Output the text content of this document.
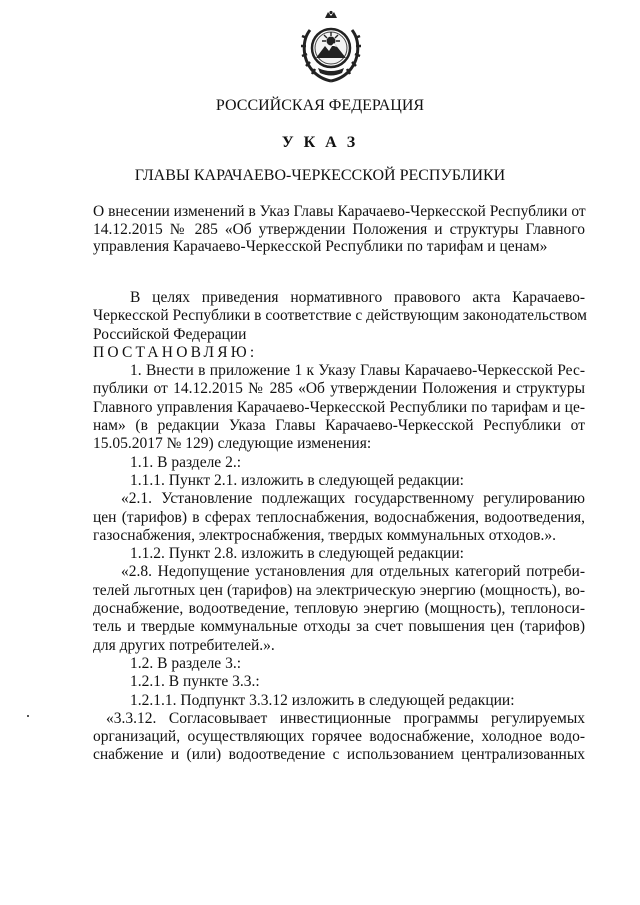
РОССИЙСКАЯ ФЕДЕРАЦИЯ
У К А З
ГЛАВЫ КАРАЧАЕВО-ЧЕРКЕССКОЙ РЕСПУБЛИКИ
О внесении изменений в Указ Главы Карачаево-Черкесской Республики от
14.12.2015 № 285 «Об утверждении Положения и структуры Главного
управления Карачаево-Черкесской Республики по тарифам и ценам»
В целях приведения нормативного правового акта Карачаево-
Черкесской Республики в соответствие с действующим законодательством
Российской Федерации
ПОСТАНОВЛЯЮ:
1. Внести в приложение 1 к Указу Главы Карачаево-Черкесской Рес-
публики от 14.12.2015 № 285 «Об утверждении Положения и структуры
Главного управления Карачаево-Черкесской Республики по тарифам и це-
нам» (в редакции Указа Главы Карачаево-Черкесской Республики от
15.05.2017 № 129) следующие изменения:
1.1. В разделе 2.:
1.1.1. Пункт 2.1. изложить в следующей редакции:
«2.1. Установление подлежащих государственному регулированию
цен (тарифов) в сферах теплоснабжения, водоснабжения, водоотведения,
газоснабжения, электроснабжения, твердых коммунальных отходов.».
1.1.2. Пункт 2.8. изложить в следующей редакции:
«2.8. Недопущение установления для отдельных категорий потреби-
телей льготных цен (тарифов) на электрическую энергию (мощность), во-
доснабжение, водоотведение, тепловую энергию (мощность), теплоноси-
тель и твердые коммунальные отходы за счет повышения цен (тарифов)
для других потребителей.».
1.2. В разделе 3.:
1.2.1. В пункте 3.3.:
1.2.1.1. Подпункт 3.3.12 изложить в следующей редакции:
«3.3.12. Согласовывает инвестиционные программы регулируемых
организаций, осуществляющих горячее водоснабжение, холодное водо-
снабжение и (или) водоотведение с использованием централизованных
